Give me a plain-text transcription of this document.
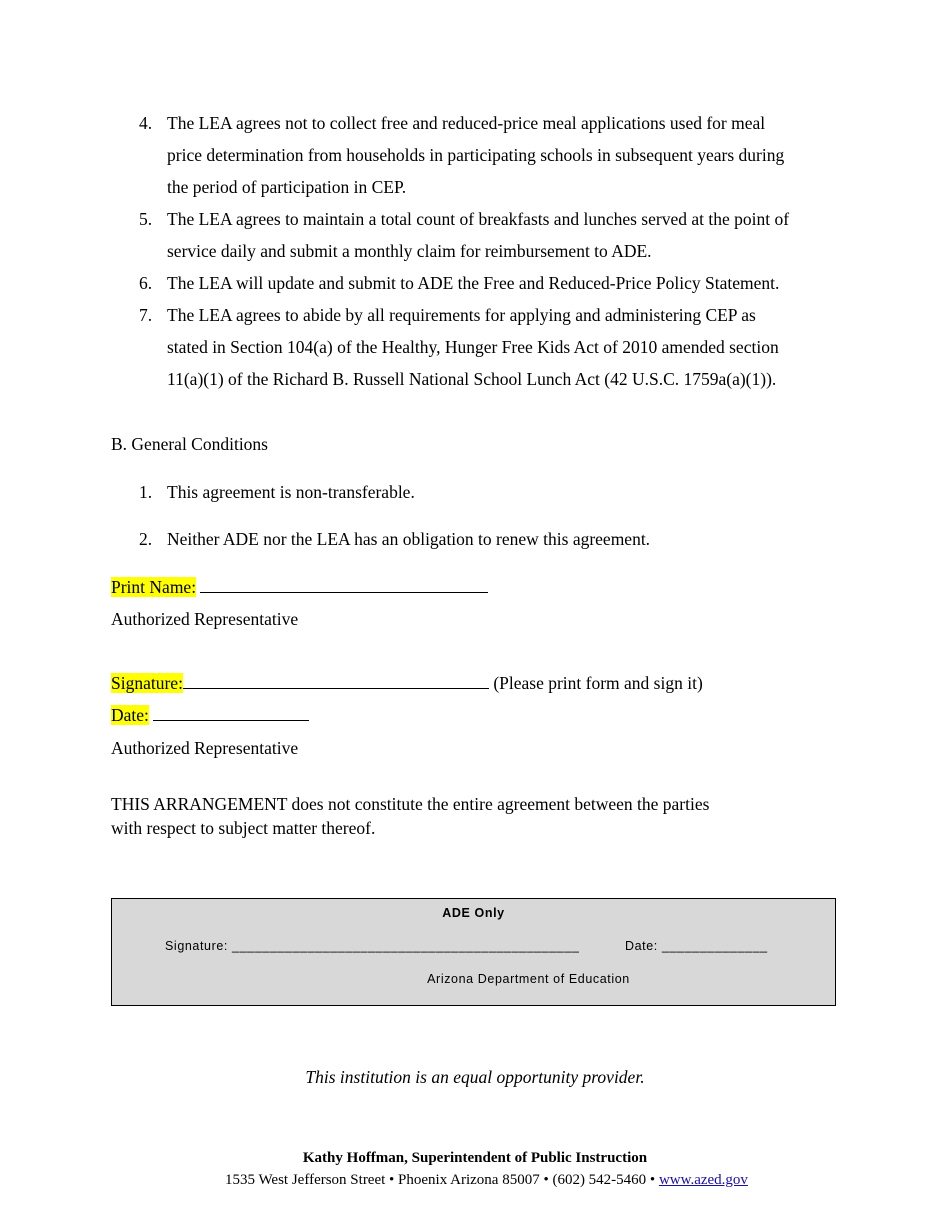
4. The LEA agrees not to collect free and reduced-price meal applications used for meal
price determination from households in participating schools in subsequent years during
the period of participation in CEP.
5. The LEA agrees to maintain a total count of breakfasts and lunches served at the point of
service daily and submit a monthly claim for reimbursement to ADE.
6. The LEA will update and submit to ADE the Free and Reduced-Price Policy Statement.
7. The LEA agrees to abide by all requirements for applying and administering CEP as
stated in Section 104(a) of the Healthy, Hunger Free Kids Act of 2010 amended section
11(a)(1) of the Richard B. Russell National School Lunch Act (42 U.S.C. 1759a(a)(1)).
B. General Conditions
1. This agreement is non-transferable.
2. Neither ADE nor the LEA has an obligation to renew this agreement.
Print Name:
Authorized Representative
Signature:	(Please print form and sign it)
Date:
Authorized Representative
THIS ARRANGEMENT does not constitute the entire agreement between the parties
with respect to subject matter thereof.
ADE Only
Signature: ______________________________________________	Date: ______________
Arizona Department of Education
This institution is an equal opportunity provider.
Kathy Hoffman, Superintendent of Public Instruction
1535 West Jefferson Street • Phoenix Arizona 85007 • (602) 542-5460 • www.azed.gov
